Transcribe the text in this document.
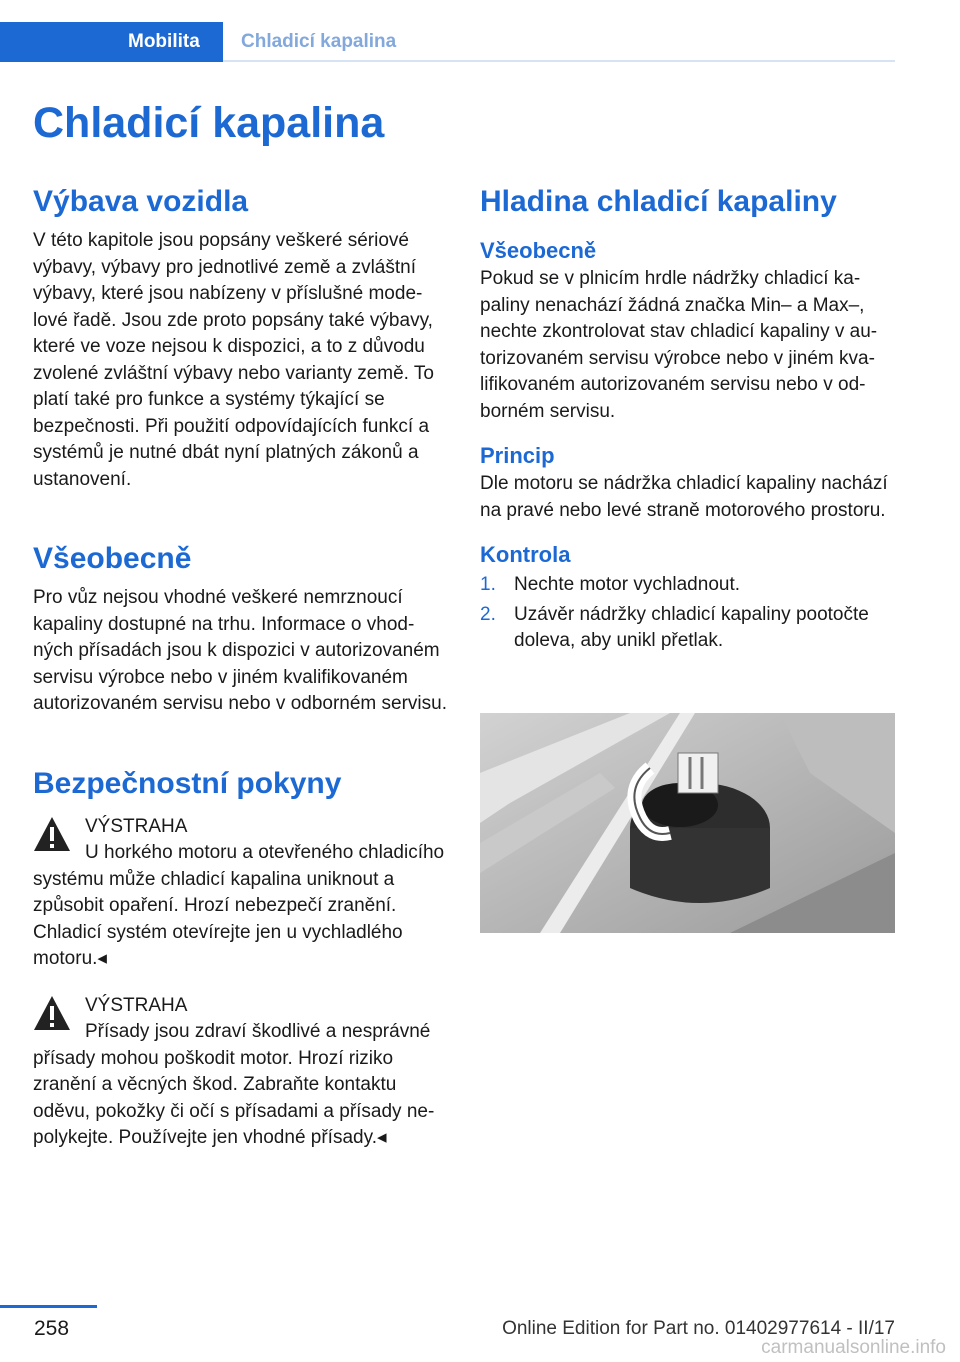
Mobilita	Chladicí kapalina
Chladicí kapalina
Výbava vozidla

V této kapitole jsou popsány veškeré sériové výbavy, výbavy pro jednotlivé země a zvláštní výbavy, které jsou nabízeny v příslušné modelové řadě. Jsou zde proto popsány také výbavy, které ve voze nejsou k dispozici, a to z důvodu zvolené zvláštní výbavy nebo varianty země. To platí také pro funkce a systémy týkající se bezpečnosti. Při použití odpovídajících funkcí a systémů je nutné dbát nyní platných zákonů a ustanovení.

Všeobecně

Pro vůz nejsou vhodné veškeré nemrznoucí kapaliny dostupné na trhu. Informace o vhodných přísadách jsou k dispozici v autorizovaném servisu výrobce nebo v jiném kvalifikovaném autorizovaném servisu nebo v odborném servisu.

Bezpečnostní pokyny
VÝSTRAHA
U horkého motoru a otevřeného chladicího systému může chladicí kapalina uniknout a způsobit opaření. Hrozí nebezpečí zranění. Chladicí systém otevírejte jen u vychladlého motoru.◂
VÝSTRAHA
Přísady jsou zdraví škodlivé a nesprávné přísady mohou poškodit motor. Hrozí riziko zranění a věcných škod. Zabraňte kontaktu oděvu, pokožky či očí s přísadami a přísady nepolykejte. Používejte jen vhodné přísady.◂
Hladina chladicí kapaliny
Všeobecně

Pokud se v plnicím hrdle nádržky chladicí kapaliny nenachází žádná značka Min– a Max–, nechte zkontrolovat stav chladicí kapaliny v autorizovaném servisu výrobce nebo v jiném kvalifikovaném autorizovaném servisu nebo v odborném servisu.

Princip

Dle motoru se nádržka chladicí kapaliny nachází na pravé nebo levé straně motorového prostoru.

Kontrola
1. Nechte motor vychladnout.
2. Uzávěr nádržky chladicí kapaliny pootočte doleva, aby unikl přetlak.
258	Online Edition for Part no. 01402977614 - II/17
carmanualsonline.info
